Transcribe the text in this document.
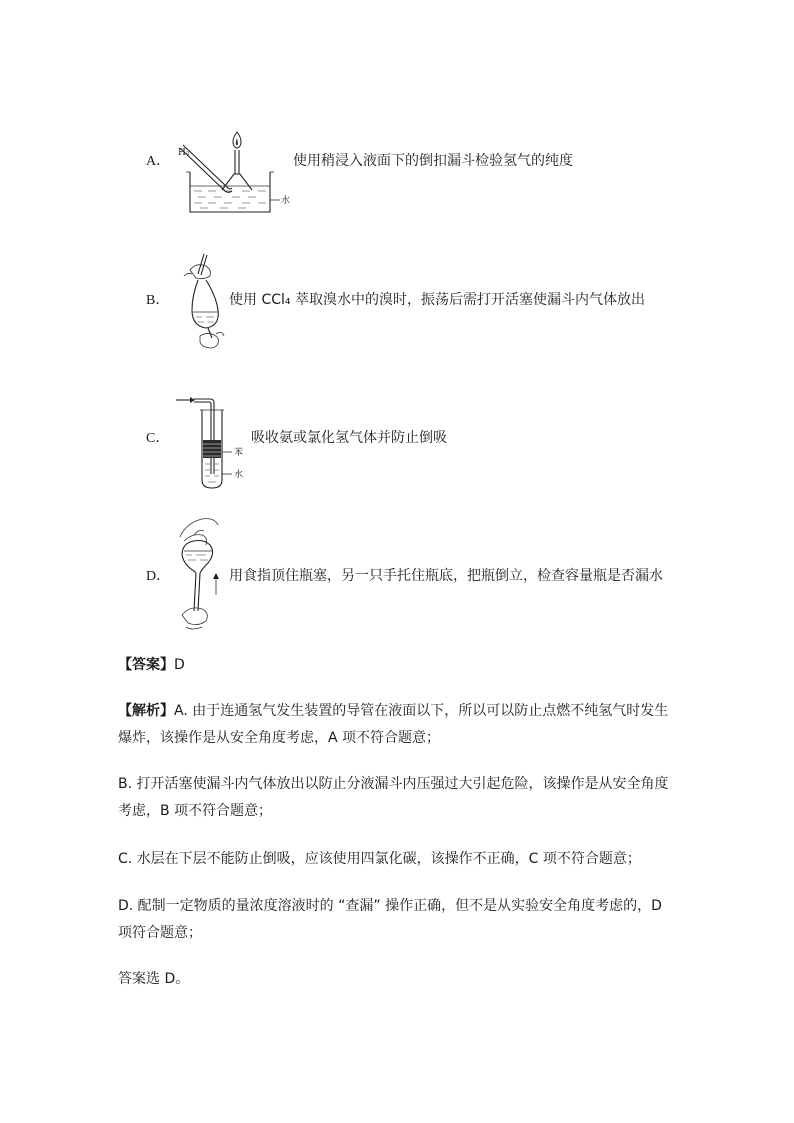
A．
H₂
水
使用稍浸入液面下的倒扣漏斗检验氢气的纯度
B．	使用 CCl₄ 萃取溴水中的溴时，振荡后需打开活塞使漏斗内气体放出
C．
苯
水
吸收氨或氯化氢气体并防止倒吸
D．	用食指顶住瓶塞，另一只手托住瓶底，把瓶倒立，检查容量瓶是否漏水
【答案】D
【解析】A. 由于连通氢气发生装置的导管在液面以下，所以可以防止点燃不纯氢气时发生爆炸，该操作是从安全角度考虑，A 项不符合题意；
B. 打开活塞使漏斗内气体放出以防止分液漏斗内压强过大引起危险，该操作是从安全角度考虑，B 项不符合题意；
C. 水层在下层不能防止倒吸，应该使用四氯化碳，该操作不正确，C 项不符合题意；
D. 配制一定物质的量浓度溶液时的 “查漏” 操作正确，但不是从实验安全角度考虑的，D 项符合题意；
答案选 D。
